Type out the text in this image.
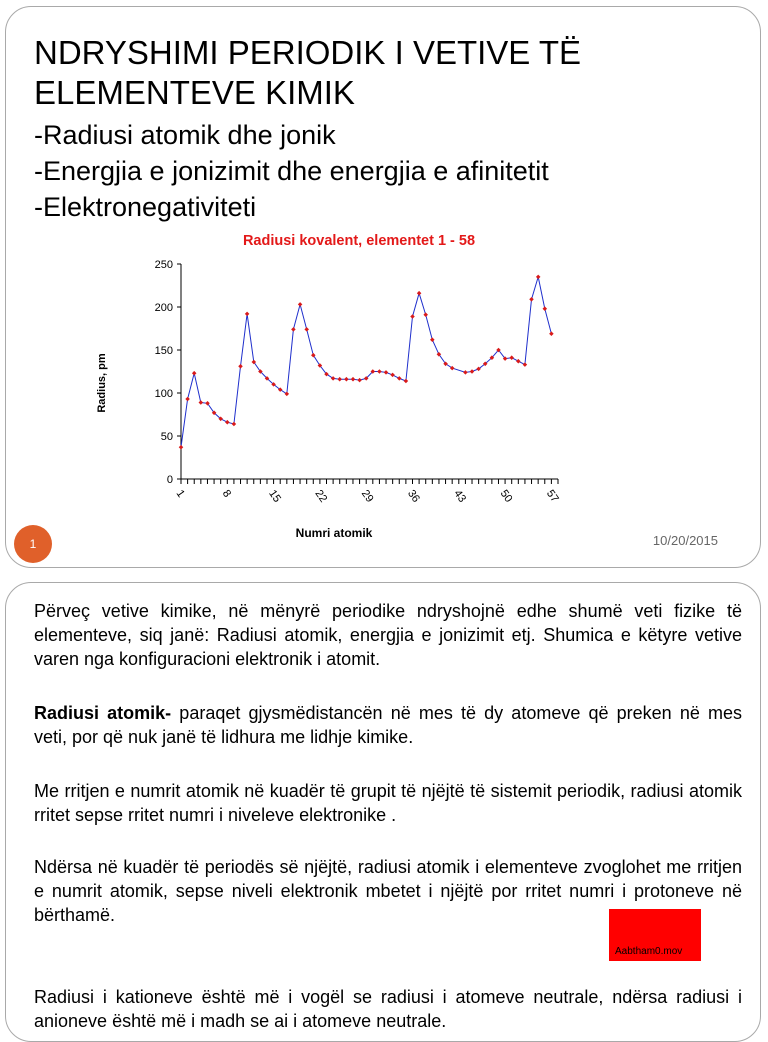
NDRYSHIMI PERIODIK I VETIVE TË ELEMENTEVE KIMIK
-Radiusi atomik dhe jonik
-Energjia e jonizimit dhe energjia e afinitetit
-Elektronegativiteti
Radiusi kovalent, elementet 1 - 58
Radius, pm
Numri atomik
0
50
100
150
200
250
1	8	15	22	29	36	43	50	57
1	10/20/2015

Përveç vetive kimike, në mënyrë periodike ndryshojnë edhe shumë veti fizike të elementeve, siq janë: Radiusi atomik, energjia e jonizimit etj. Shumica e këtyre vetive varen nga konfiguracioni elektronik i atomit.

Radiusi atomik- paraqet gjysmëdistancën në mes të dy atomeve që preken në mes veti, por që nuk janë të lidhura me lidhje kimike.

Me rritjen e numrit atomik në kuadër të grupit të njëjtë të sistemit periodik, radiusi atomik rritet sepse rritet numri i niveleve elektronike .

Ndërsa në kuadër të periodës së njëjtë, radiusi atomik i elementeve zvoglohet me rritjen e numrit atomik, sepse niveli elektronik mbetet i njëjtë por rritet numri i protoneve në bërthamë.

Radiusi i kationeve është më i vogël se radiusi i atomeve neutrale, ndërsa radiusi i anioneve është më i madh se ai i atomeve neutrale.

Aabtham0.mov
